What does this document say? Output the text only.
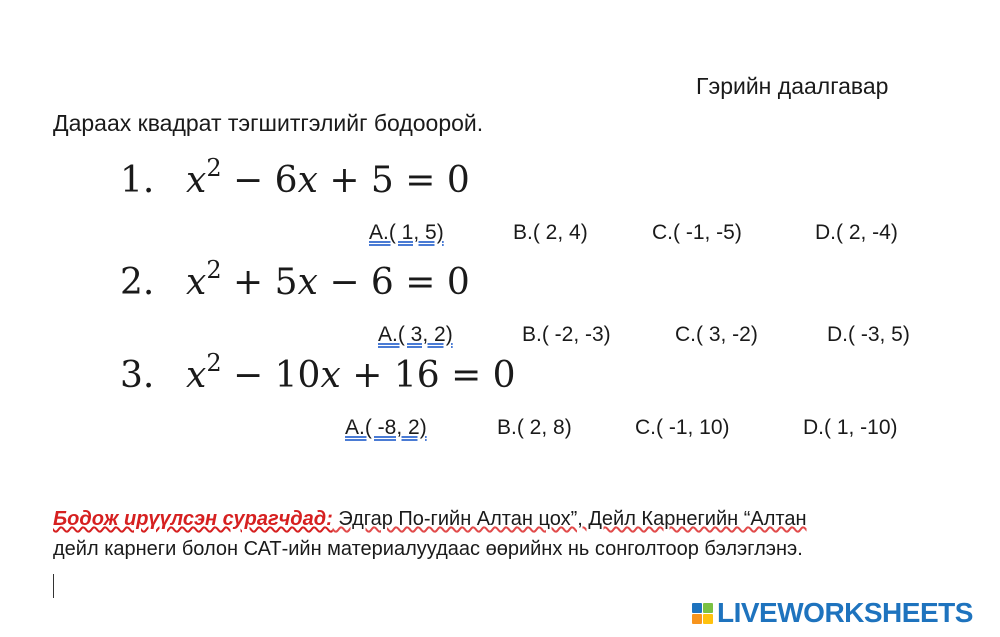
Гэрийн даалгавар
Дараах квадрат тэгшитгэлийг бодоорой.
1. $x^2 - 6x + 5 = 0$
A.( 1, 5)	B.( 2, 4)	C.( -1, -5)	D.( 2, -4)
2. $x^2 + 5x - 6 = 0$
A.( 3, 2)	B.( -2, -3)	C.( 3, -2)	D.( -3, 5)
3. $x^2 - 10x + 16 = 0$
A.( -8, 2)	B.( 2, 8)	C.( -1, 10)	D.( 1, -10)
Бодож ирүүлсэн сурагчдад: Эдгар По-гийн Алтан цох”, Дейл Карнегийн “Алтан
дейл карнеги болон САТ-ийн материалуудаас өөрийнх нь сонголтоор бэлэглэнэ.
LIVEWORKSHEETS
